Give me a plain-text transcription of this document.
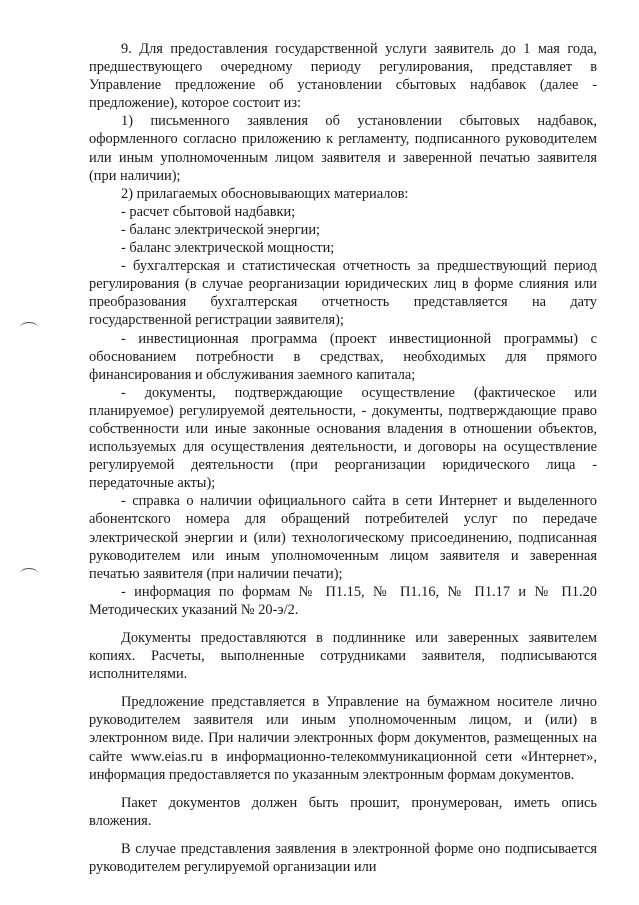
9. Для предоставления государственной услуги заявитель до 1 мая года, предшествующего очередному периоду регулирования, представляет в Управление предложение об установлении сбытовых надбавок (далее - предложение), которое состоит из:

1) письменного заявления об установлении сбытовых надбавок, оформленного согласно приложению к регламенту, подписанного руководителем или иным уполномоченным лицом заявителя и заверенной печатью заявителя (при наличии);

2) прилагаемых обосновывающих материалов:

- расчет сбытовой надбавки;

- баланс электрической энергии;

- баланс электрической мощности;

- бухгалтерская и статистическая отчетность за предшествующий период регулирования (в случае реорганизации юридических лиц в форме слияния или преобразования бухгалтерская отчетность представляется на дату государственной регистрации заявителя);

- инвестиционная программа (проект инвестиционной программы) с обоснованием потребности в средствах, необходимых для прямого финансирования и обслуживания заемного капитала;

- документы, подтверждающие осуществление (фактическое или планируемое) регулируемой деятельности, - документы, подтверждающие право собственности или иные законные основания владения в отношении объектов, используемых для осуществления деятельности, и договоры на осуществление регулируемой деятельности (при реорганизации юридического лица - передаточные акты);

- справка о наличии официального сайта в сети Интернет и выделенного абонентского номера для обращений потребителей услуг по передаче электрической энергии и (или) технологическому присоединению, подписанная руководителем или иным уполномоченным лицом заявителя и заверенная печатью заявителя (при наличии печати);

- информация по формам № П1.15, № П1.16, № П1.17 и № П1.20 Методических указаний № 20-э/2.

Документы предоставляются в подлиннике или заверенных заявителем копиях. Расчеты, выполненные сотрудниками заявителя, подписываются исполнителями.

Предложение представляется в Управление на бумажном носителе лично руководителем заявителя или иным уполномоченным лицом, и (или) в электронном виде. При наличии электронных форм документов, размещенных на сайте www.eias.ru в информационно-телекоммуникационной сети «Интернет», информация предоставляется по указанным электронным формам документов.

Пакет документов должен быть прошит, пронумерован, иметь опись вложения.

В случае представления заявления в электронной форме оно подписывается руководителем регулируемой организации или
